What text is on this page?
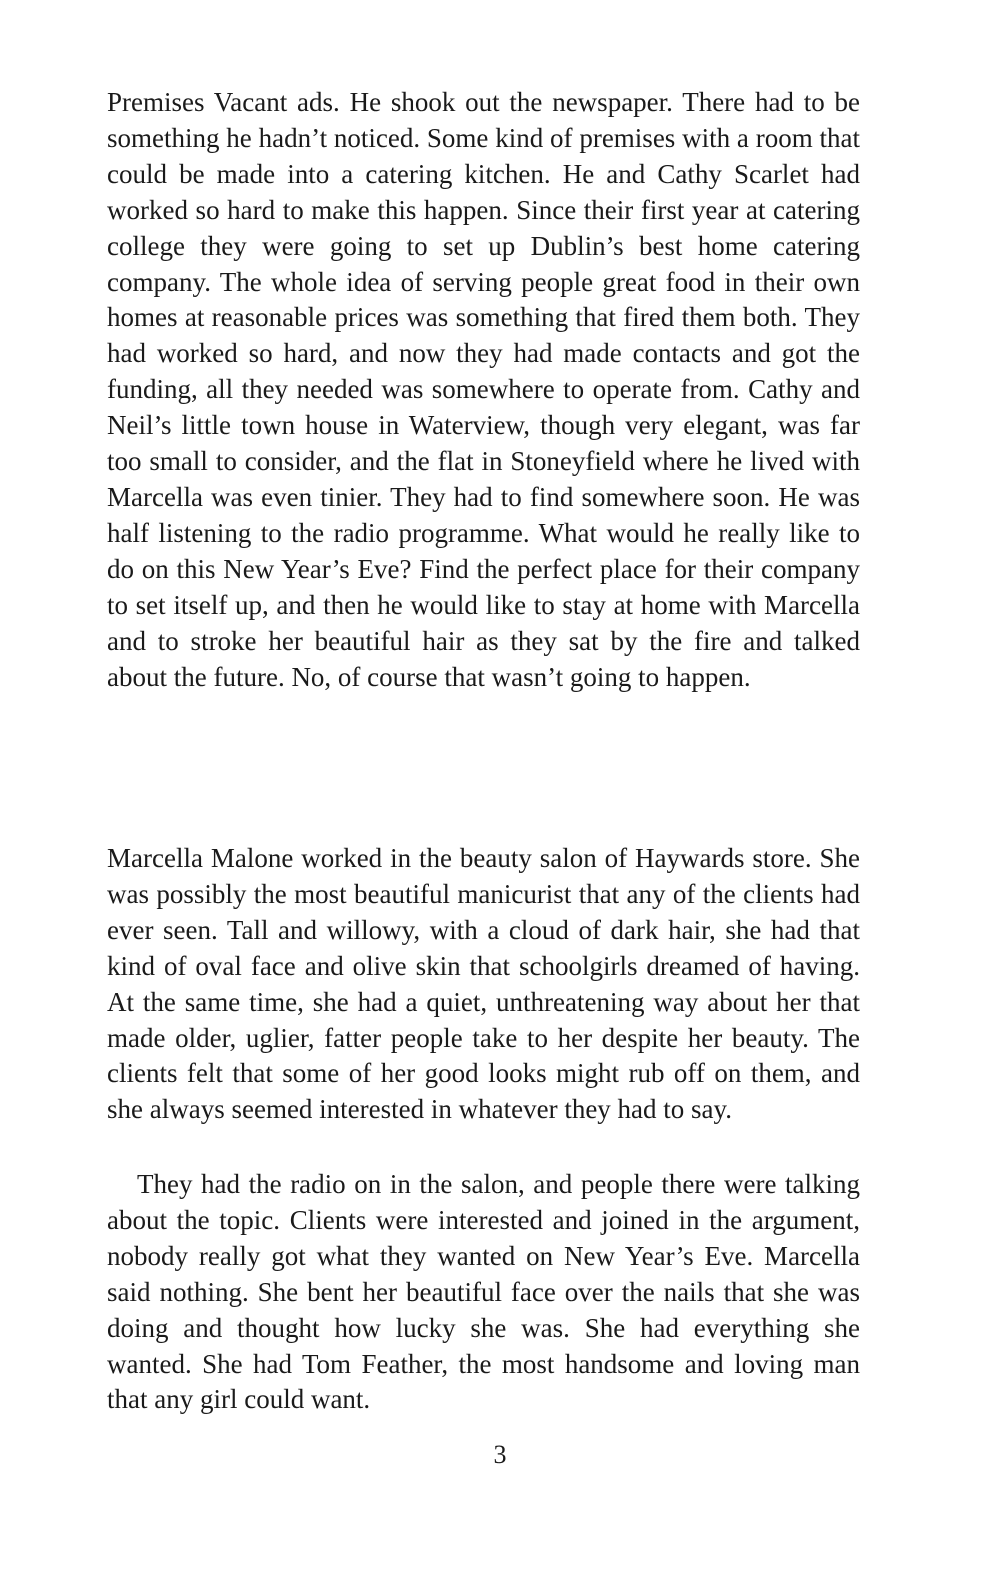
Premises Vacant ads. He shook out the newspaper. There had to be something he hadn’t noticed. Some kind of premises with a room that could be made into a catering kitchen. He and Cathy Scarlet had worked so hard to make this happen. Since their first year at catering college they were going to set up Dublin’s best home catering company. The whole idea of serving people great food in their own homes at reasonable prices was something that fired them both. They had worked so hard, and now they had made contacts and got the funding, all they needed was somewhere to operate from. Cathy and Neil’s little town house in Waterview, though very elegant, was far too small to consider, and the flat in Stoneyfield where he lived with Marcella was even tinier. They had to find somewhere soon. He was half listening to the radio programme. What would he really like to do on this New Year’s Eve? Find the perfect place for their company to set itself up, and then he would like to stay at home with Marcella and to stroke her beautiful hair as they sat by the fire and talked about the future. No, of course that wasn’t going to happen.

Marcella Malone worked in the beauty salon of Haywards store. She was possibly the most beautiful manicurist that any of the clients had ever seen. Tall and willowy, with a cloud of dark hair, she had that kind of oval face and olive skin that schoolgirls dreamed of having. At the same time, she had a quiet, unthreatening way about her that made older, uglier, fatter people take to her despite her beauty. The clients felt that some of her good looks might rub off on them, and she always seemed interested in whatever they had to say.

They had the radio on in the salon, and people there were talking about the topic. Clients were interested and joined in the argument, nobody really got what they wanted on New Year’s Eve. Marcella said nothing. She bent her beautiful face over the nails that she was doing and thought how lucky she was. She had everything she wanted. She had Tom Feather, the most handsome and loving man that any girl could want.

3
